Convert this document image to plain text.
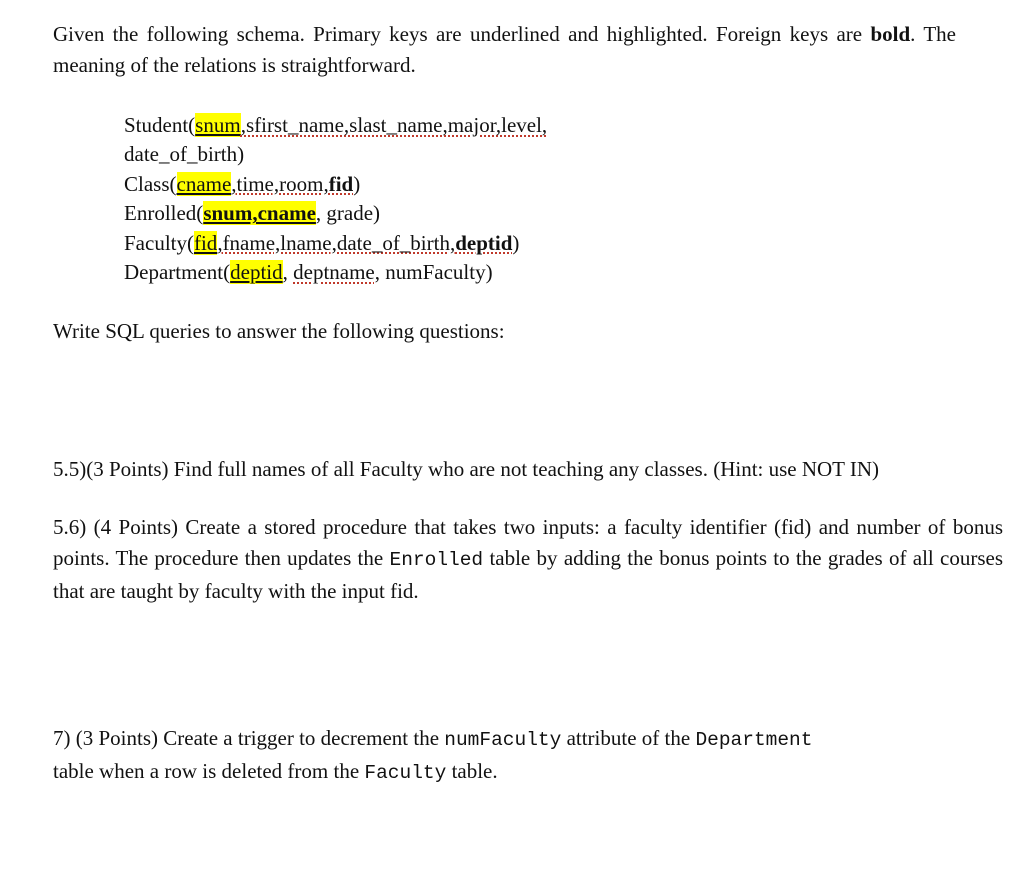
Given the following schema. Primary keys are underlined and highlighted. Foreign keys are bold. The meaning of the relations is straightforward.
Student(snum,sfirst_name,slast_name,major,level,
date_of_birth)
Class(cname,time,room,fid)
Enrolled(snum,cname, grade)
Faculty(fid,fname,lname,date_of_birth,deptid)
Department(deptid, deptname, numFaculty)
Write SQL queries to answer the following questions:
5.5)(3 Points) Find full names of all Faculty who are not teaching any classes. (Hint: use NOT IN)
5.6) (4 Points) Create a stored procedure that takes two inputs: a faculty identifier (fid) and number of bonus points. The procedure then updates the Enrolled table by adding the bonus points to the grades of all courses that are taught by faculty with the input fid.
7) (3 Points) Create a trigger to decrement the numFaculty attribute of the Department
table when a row is deleted from the Faculty table.
